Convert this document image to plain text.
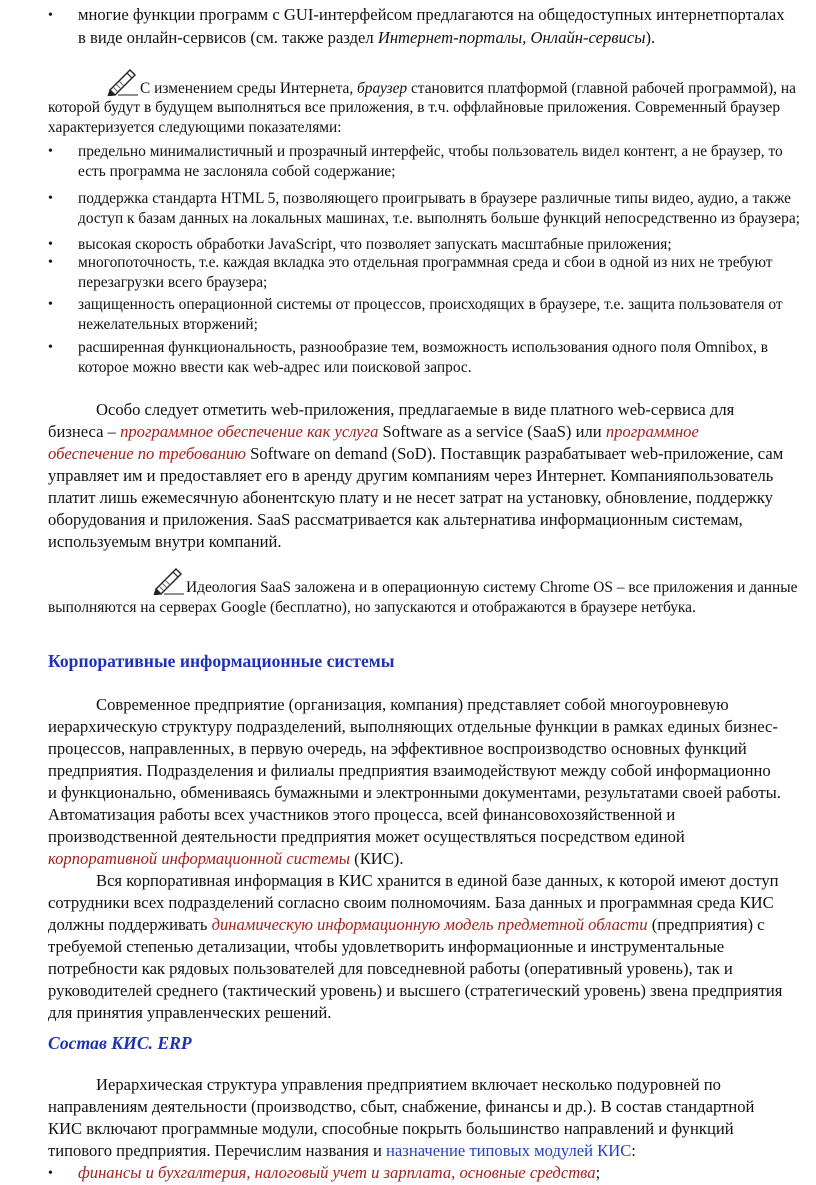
• многие функции программ с GUI-интерфейсом предлагаются на общедоступных интернетпорталах
в виде онлайн-сервисов (см. также раздел Интернет-порталы, Онлайн-сервисы).
С изменением среды Интернета, браузер становится платформой (главной рабочей программой), на
которой будут в будущем выполняться все приложения, в т.ч. оффлайновые приложения. Современный браузер
характеризуется следующими показателями:
• предельно минималистичный и прозрачный интерфейс, чтобы пользователь видел контент, а не браузер, то
есть программа не заслоняла собой содержание;
• поддержка стандарта HTML 5, позволяющего проигрывать в браузере различные типы видео, аудио, а также
доступ к базам данных на локальных машинах, т.е. выполнять больше функций непосредственно из браузера;
• высокая скорость обработки JavaScript, что позволяет запускать масштабные приложения;
• многопоточность, т.е. каждая вкладка это отдельная программная среда и сбои в одной из них не требуют
перезагрузки всего браузера;
• защищенность операционной системы от процессов, происходящих в браузере, т.е. защита пользователя от
нежелательных вторжений;
• расширенная функциональность, разнообразие тем, возможность использования одного поля Omnibox, в
которое можно ввести как web-адрес или поисковой запрос.
Особо следует отметить web-приложения, предлагаемые в виде платного web-сервиса для
бизнеса – программное обеспечение как услуга Software as a service (SaaS) или программное
обеспечение по требованию Software on demand (SoD). Поставщик разрабатывает web-приложение, сам
управляет им и предоставляет его в аренду другим компаниям через Интернет. Компанияпользователь
платит лишь ежемесячную абонентскую плату и не несет затрат на установку, обновление, поддержку
оборудования и приложения. SaaS рассматривается как альтернатива информационным системам,
используемым внутри компаний.
Идеология SaaS заложена и в операционную систему Chrome OS – все приложения и данные
выполняются на серверах Google (бесплатно), но запускаются и отображаются в браузере нетбука.
Корпоративные информационные системы
Современное предприятие (организация, компания) представляет собой многоуровневую
иерархическую структуру подразделений, выполняющих отдельные функции в рамках единых бизнес-
процессов, направленных, в первую очередь, на эффективное воспроизводство основных функций
предприятия. Подразделения и филиалы предприятия взаимодействуют между собой информационно
и функционально, обмениваясь бумажными и электронными документами, результатами своей работы.
Автоматизация работы всех участников этого процесса, всей финансовохозяйственной и
производственной деятельности предприятия может осуществляться посредством единой
корпоративной информационной системы (КИС).
Вся корпоративная информация в КИС хранится в единой базе данных, к которой имеют доступ
сотрудники всех подразделений согласно своим полномочиям. База данных и программная среда КИС
должны поддерживать динамическую информационную модель предметной области (предприятия) с
требуемой степенью детализации, чтобы удовлетворить информационные и инструментальные
потребности как рядовых пользователей для повседневной работы (оперативный уровень), так и
руководителей среднего (тактический уровень) и высшего (стратегический уровень) звена предприятия
для принятия управленческих решений.
Состав КИС. ERP
Иерархическая структура управления предприятием включает несколько подуровней по
направлениям деятельности (производство, сбыт, снабжение, финансы и др.). В состав стандартной
КИС включают программные модули, способные покрыть большинство направлений и функций
типового предприятия. Перечислим названия и назначение типовых модулей КИС:
• финансы и бухгалтерия, налоговый учет и зарплата, основные средства;
